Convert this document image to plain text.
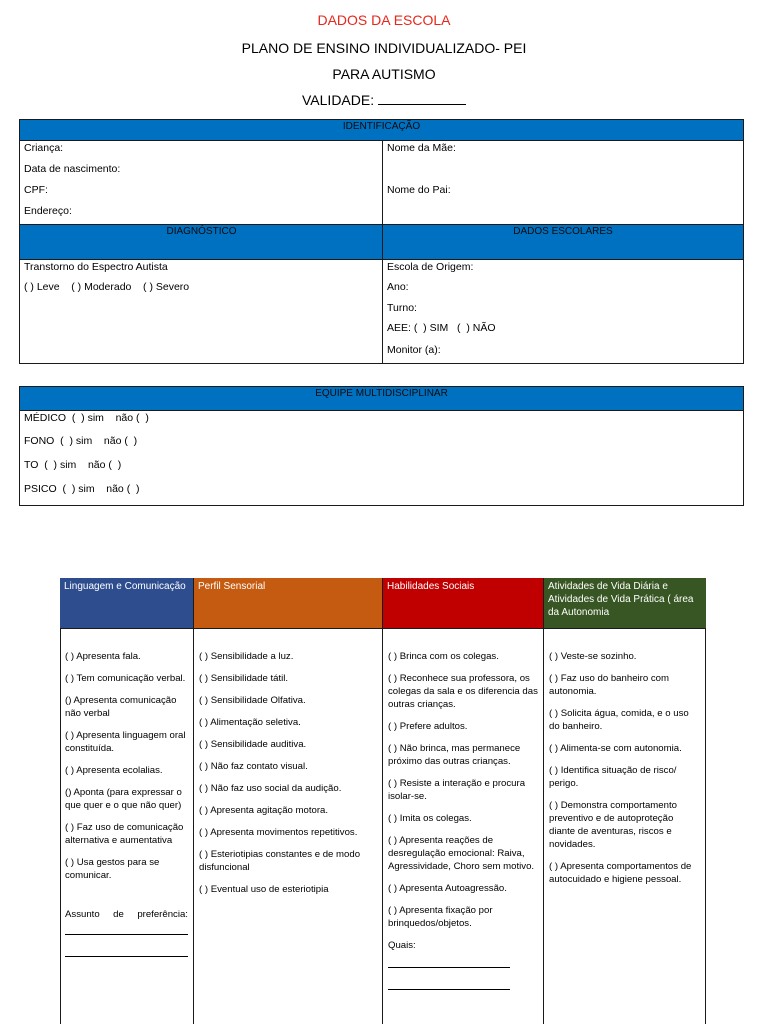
DADOS DA ESCOLA
PLANO DE ENSINO INDIVIDUALIZADO- PEI
PARA AUTISMO
VALIDADE:
IDENTIFICAÇÃO
Criança:
Data de nascimento:
CPF:
Endereço:
Nome da Mãe:
Nome do Pai:
DIAGNÓSTICO	DADOS ESCOLARES
Transtorno do Espectro Autista
( ) Leve    ( ) Moderado    ( ) Severo
Escola de Origem:
Ano:
Turno:
AEE: (  ) SIM   (  ) NÃO
Monitor (a):
EQUIPE MULTIDISCIPLINAR
MÉDICO  (  ) sim    não (  )
FONO  (  ) sim    não (  )
TO  (  ) sim    não (  )
PSICO  (  ) sim    não (  )
Linguagem e Comunicação
( ) Apresenta fala.
( ) Tem comunicação verbal.
() Apresenta comunicação não verbal
( ) Apresenta linguagem oral constituída.
( ) Apresenta ecolalias.
() Aponta (para expressar o que quer e o que não quer)
( ) Faz uso de comunicação alternativa e aumentativa
( ) Usa gestos para se comunicar.
Assunto de preferência:
Perfil Sensorial
( ) Sensibilidade a luz.
( ) Sensibilidade tátil.
( ) Sensibilidade Olfativa.
( ) Alimentação seletiva.
( ) Sensibilidade auditiva.
( ) Não faz contato visual.
( ) Não faz uso social da audição.
( ) Apresenta agitação motora.
( ) Apresenta movimentos repetitivos.
( ) Esteriotipias constantes e de modo disfuncional
( ) Eventual uso de esteriotipia
Habilidades Sociais
( ) Brinca com os colegas.
( ) Reconhece sua professora, os colegas da sala e os diferencia das outras crianças.
( ) Prefere adultos.
( ) Não brinca, mas permanece próximo das outras crianças.
( ) Resiste a interação e procura isolar-se.
( ) Imita os colegas.
( ) Apresenta reações de desregulação emocional: Raiva, Agressividade, Choro sem motivo.
( ) Apresenta Autoagressão.
( ) Apresenta fixação por brinquedos/objetos.
Quais:
Atividades de Vida Diária e Atividades de Vida Prática ( área da Autonomia
( ) Veste-se sozinho.
( ) Faz uso do banheiro com autonomia.
( ) Solicita água, comida, e o uso do banheiro.
( ) Alimenta-se com autonomia.
( ) Identifica situação de risco/ perigo.
( ) Demonstra comportamento preventivo e de autoproteção diante de aventuras, riscos e novidades.
( ) Apresenta comportamentos de autocuidado e higiene pessoal.
